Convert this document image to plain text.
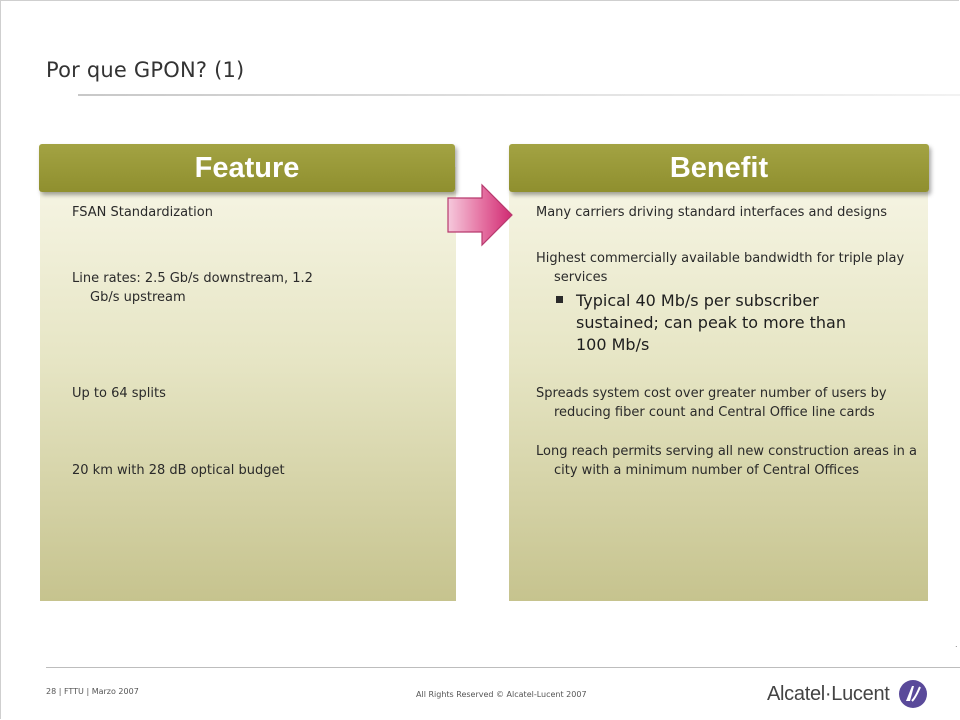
Por que GPON? (1)
Feature
FSAN Standardization
Line rates: 2.5 Gb/s downstream, 1.2 Gb/s upstream
Up to 64 splits
20 km with 28 dB optical budget
Benefit
Many carriers driving standard interfaces and designs
Highest commercially available bandwidth for triple play services
Typical 40 Mb/s per subscriber sustained; can peak to more than 100 Mb/s
Spreads system cost over greater number of users by reducing fiber count and Central Office line cards
Long reach permits serving all new construction areas in a city with a minimum number of Central Offices
28 | FTTU | Marzo 2007	All Rights Reserved © Alcatel-Lucent 2007	Alcatel·Lucent
.
